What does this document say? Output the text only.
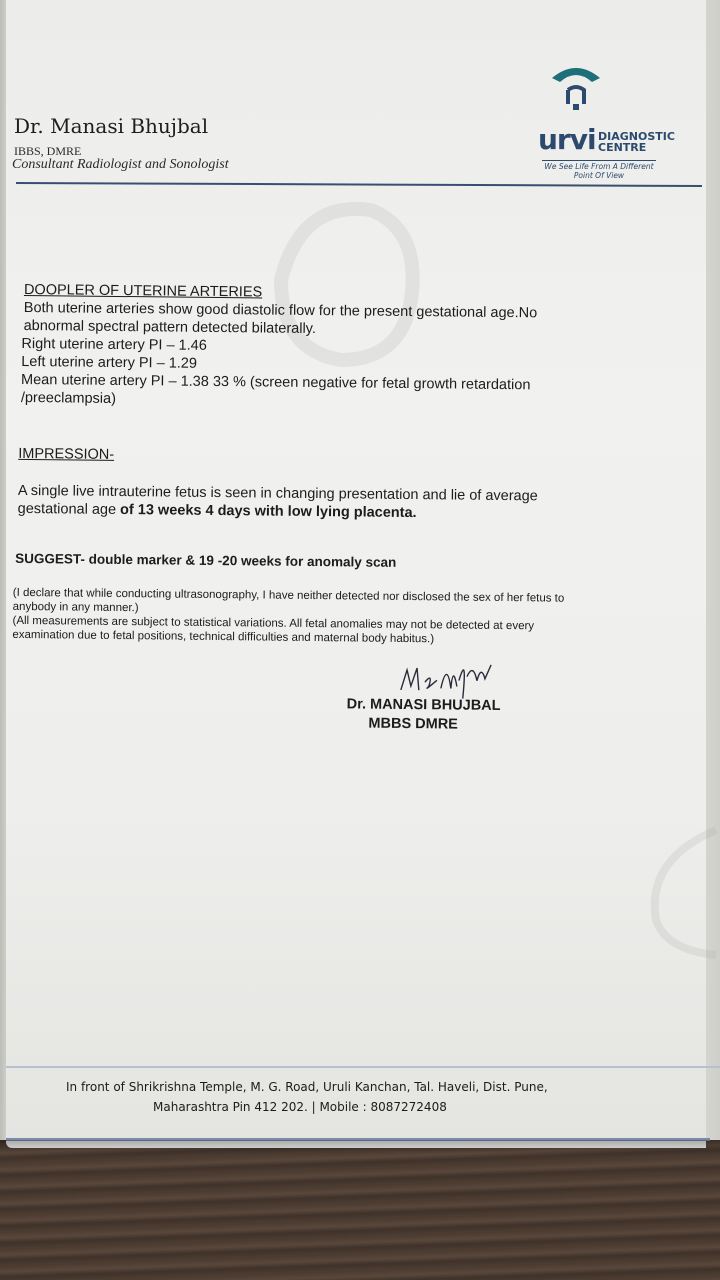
Dr. Manasi Bhujbal

IBBS, DMRE

Consultant Radiologist and Sonologist

urvi DIAGNOSTIC
CENTRE
We See Life From A Different
Point Of View

DOOPLER OF UTERINE ARTERIES

Both uterine arteries show good diastolic flow for the present gestational age.No

abnormal spectral pattern detected bilaterally.

Right uterine artery PI – 1.46

Left uterine artery PI – 1.29

Mean uterine artery PI – 1.38 33 % (screen negative for fetal growth retardation

/preeclampsia)

IMPRESSION-

A single live intrauterine fetus is seen in changing presentation and lie of average

gestational age of 13 weeks 4 days with low lying placenta.

SUGGEST- double marker & 19 -20 weeks for anomaly scan

(I declare that while conducting ultrasonography, I have neither detected nor disclosed the sex of her fetus to

anybody in any manner.)

(All measurements are subject to statistical variations. All fetal anomalies may not be detected at every

examination due to fetal positions, technical difficulties and maternal body habitus.)

Dr. MANASI BHUJBAL

MBBS DMRE

In front of Shrikrishna Temple, M. G. Road, Uruli Kanchan, Tal. Haveli, Dist. Pune,

Maharashtra Pin 412 202. | Mobile : 8087272408
